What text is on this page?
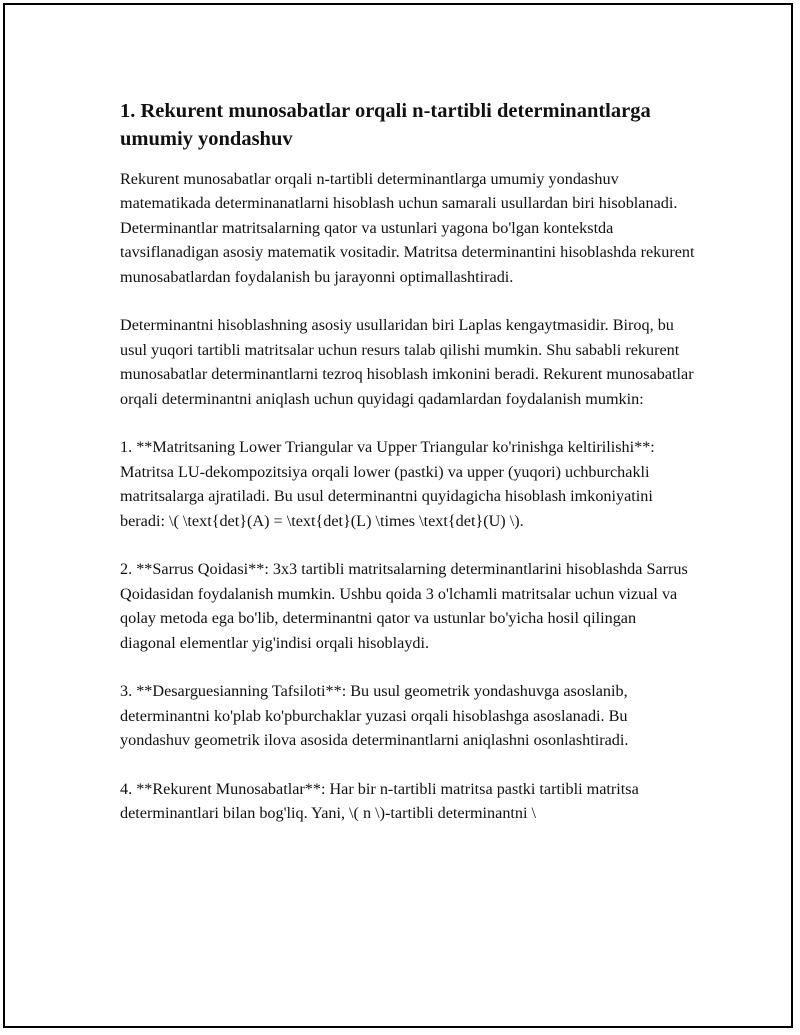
1. Rekurent munosabatlar orqali n-tartibli determinantlarga umumiy yondashuv

Rekurent munosabatlar orqali n-tartibli determinantlarga umumiy yondashuv matematikada determinanatlarni hisoblash uchun samarali usullardan biri hisoblanadi. Determinantlar matritsalarning qator va ustunlari yagona bo'lgan kontekstda tavsiflanadigan asosiy matematik vositadir. Matritsa determinantini hisoblashda rekurent munosabatlardan foydalanish bu jarayonni optimallashtiradi.

Determinantni hisoblashning asosiy usullaridan biri Laplas kengaytmasidir. Biroq, bu usul yuqori tartibli matritsalar uchun resurs talab qilishi mumkin. Shu sababli rekurent munosabatlar determinantlarni tezroq hisoblash imkonini beradi. Rekurent munosabatlar orqali determinantni aniqlash uchun quyidagi qadamlardan foydalanish mumkin:

1. **Matritsaning Lower Triangular va Upper Triangular ko'rinishga keltirilishi**: Matritsa LU-dekompozitsiya orqali lower (pastki) va upper (yuqori) uchburchakli matritsalarga ajratiladi. Bu usul determinantni quyidagicha hisoblash imkoniyatini beradi: \( \text{det}(A) = \text{det}(L) \times \text{det}(U) \).

2. **Sarrus Qoidasi**: 3x3 tartibli matritsalarning determinantlarini hisoblashda Sarrus Qoidasidan foydalanish mumkin. Ushbu qoida 3 o'lchamli matritsalar uchun vizual va qolay metoda ega bo'lib, determinantni qator va ustunlar bo'yicha hosil qilingan diagonal elementlar yig'indisi orqali hisoblaydi.

3. **Desarguesianning Tafsiloti**: Bu usul geometrik yondashuvga asoslanib, determinantni ko'plab ko'pburchaklar yuzasi orqali hisoblashga asoslanadi. Bu yondashuv geometrik ilova asosida determinantlarni aniqlashni osonlashtiradi.

4. **Rekurent Munosabatlar**: Har bir n-tartibli matritsa pastki tartibli matritsa determinantlari bilan bog'liq. Yani, \( n \)-tartibli determinantni \
